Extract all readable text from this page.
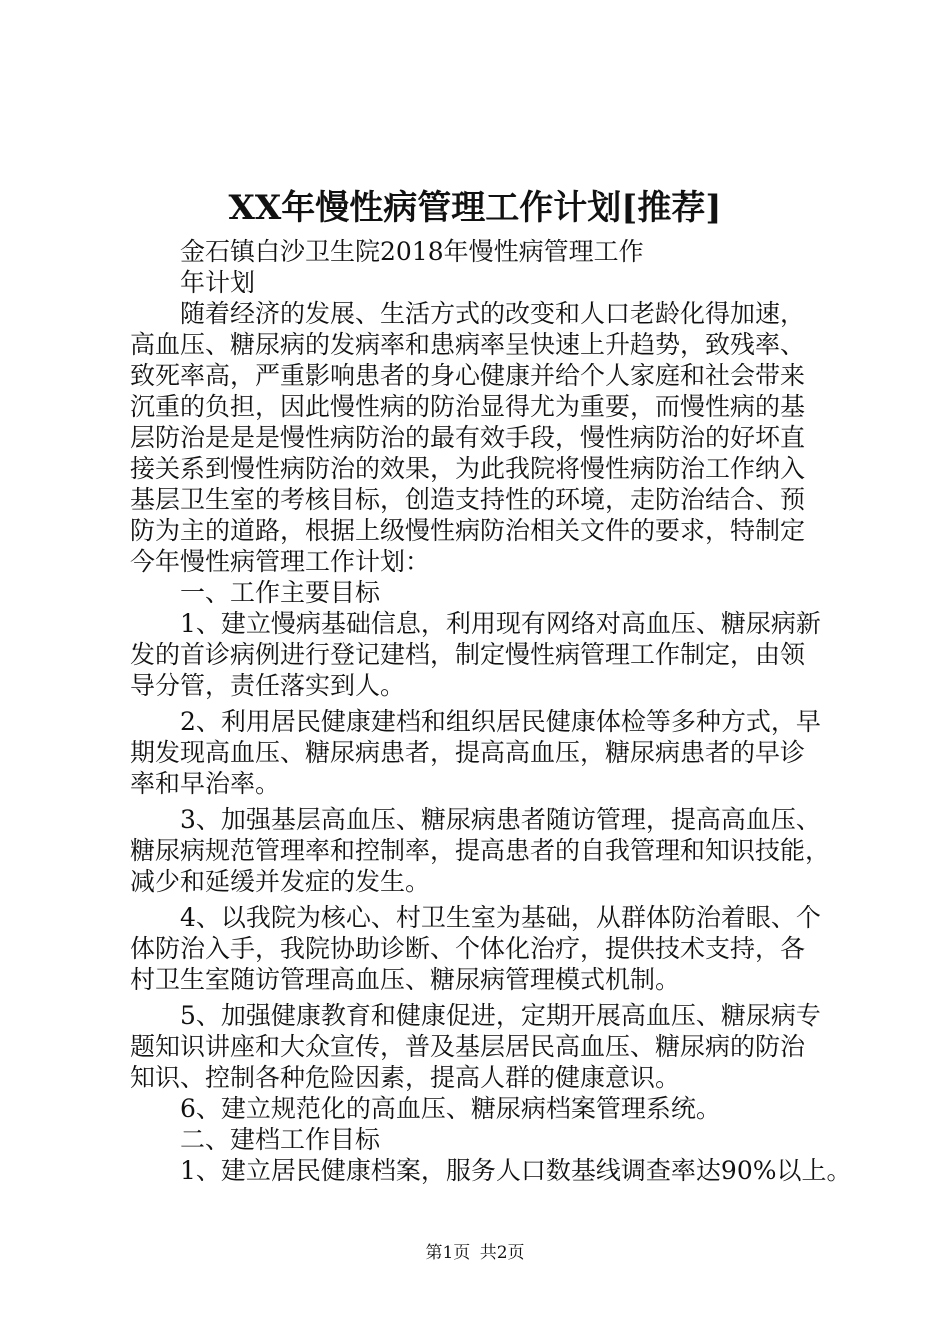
XX年慢性病管理工作计划[推荐]
金石镇白沙卫生院2018年慢性病管理工作
年计划
随着经济的发展、生活方式的改变和人口老龄化得加速，
高血压、糖尿病的发病率和患病率呈快速上升趋势，致残率、
致死率高，严重影响患者的身心健康并给个人家庭和社会带来
沉重的负担，因此慢性病的防治显得尤为重要，而慢性病的基
层防治是是是慢性病防治的最有效手段，慢性病防治的好坏直
接关系到慢性病防治的效果，为此我院将慢性病防治工作纳入
基层卫生室的考核目标，创造支持性的环境，走防治结合、预
防为主的道路，根据上级慢性病防治相关文件的要求，特制定
今年慢性病管理工作计划：
一、工作主要目标
1、建立慢病基础信息，利用现有网络对高血压、糖尿病新
发的首诊病例进行登记建档，制定慢性病管理工作制定，由领
导分管，责任落实到人。
2、利用居民健康建档和组织居民健康体检等多种方式，早
期发现高血压、糖尿病患者，提高高血压，糖尿病患者的早诊
率和早治率。
3、加强基层高血压、糖尿病患者随访管理，提高高血压、
糖尿病规范管理率和控制率，提高患者的自我管理和知识技能，
减少和延缓并发症的发生。
4、以我院为核心、村卫生室为基础，从群体防治着眼、个
体防治入手，我院协助诊断、个体化治疗，提供技术支持，各
村卫生室随访管理高血压、糖尿病管理模式机制。
5、加强健康教育和健康促进，定期开展高血压、糖尿病专
题知识讲座和大众宣传，普及基层居民高血压、糖尿病的防治
知识、控制各种危险因素，提高人群的健康意识。
6、建立规范化的高血压、糖尿病档案管理系统。
二、建档工作目标
1、建立居民健康档案，服务人口数基线调查率达90%以上。
第1页 共2页
